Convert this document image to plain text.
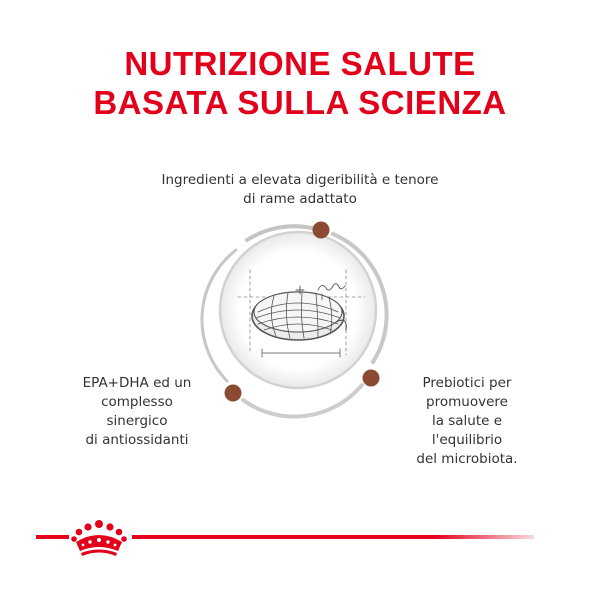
NUTRIZIONE SALUTE
BASATA SULLA SCIENZA
Ingredienti a elevata digeribilità e tenore
di rame adattato
EPA+DHA ed un
complesso
sinergico
di antiossidanti
Prebiotici per
promuovere
la salute e
l'equilibrio
del microbiota.
